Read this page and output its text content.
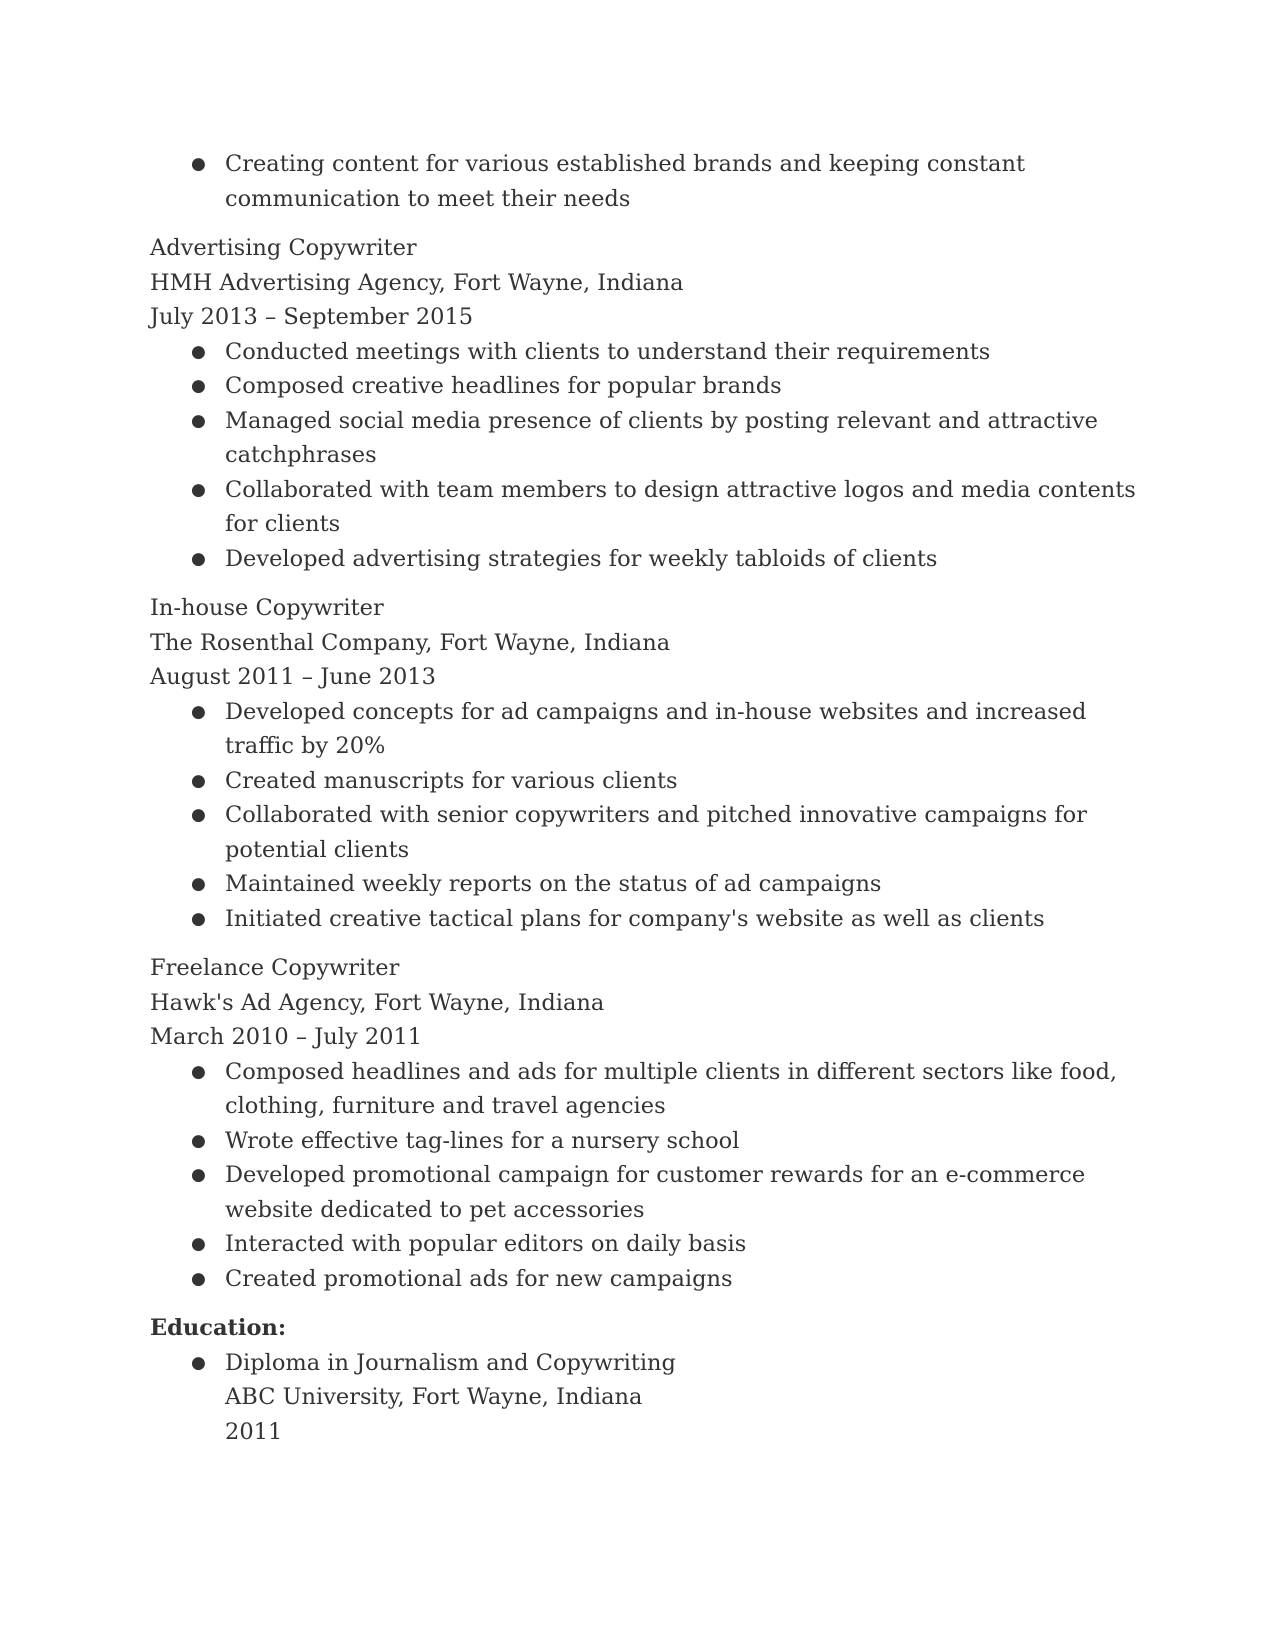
● Creating content for various established brands and keeping constant communication to meet their needs
Advertising Copywriter
HMH Advertising Agency, Fort Wayne, Indiana
July 2013 – September 2015
● Conducted meetings with clients to understand their requirements
● Composed creative headlines for popular brands
● Managed social media presence of clients by posting relevant and attractive catchphrases
● Collaborated with team members to design attractive logos and media contents for clients
● Developed advertising strategies for weekly tabloids of clients
In-house Copywriter
The Rosenthal Company, Fort Wayne, Indiana
August 2011 – June 2013
● Developed concepts for ad campaigns and in-house websites and increased traffic by 20%
● Created manuscripts for various clients
● Collaborated with senior copywriters and pitched innovative campaigns for potential clients
● Maintained weekly reports on the status of ad campaigns
● Initiated creative tactical plans for company's website as well as clients
Freelance Copywriter
Hawk's Ad Agency, Fort Wayne, Indiana
March 2010 – July 2011
● Composed headlines and ads for multiple clients in different sectors like food, clothing, furniture and travel agencies
● Wrote effective tag-lines for a nursery school
● Developed promotional campaign for customer rewards for an e-commerce website dedicated to pet accessories
● Interacted with popular editors on daily basis
● Created promotional ads for new campaigns
Education:
● Diploma in Journalism and Copywriting
ABC University, Fort Wayne, Indiana
2011
